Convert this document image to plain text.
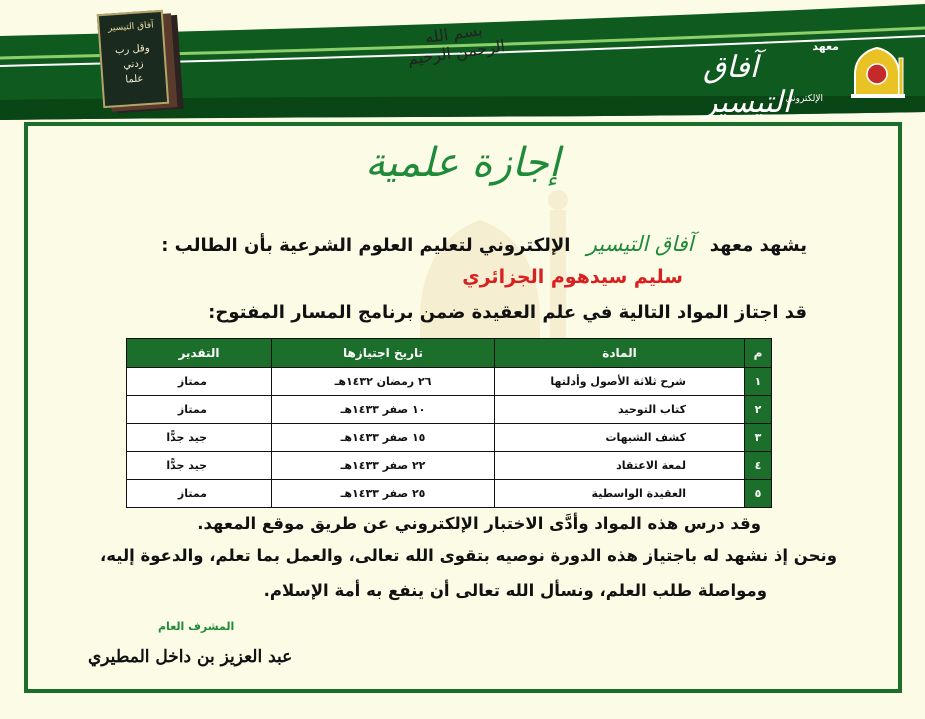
آفاق التيسير
وقل رب
زدني
علما
بسم الله الرحمن الرحيم	معهد
آفاق التيسير
الإلكتروني
إجازة علمية
يشهد معهد آفاق التيسير الإلكتروني لتعليم العلوم الشرعية بأن الطالب :
سليم سيدهوم الجزائري
قد اجتاز المواد التالية في علم العقيدة ضمن برنامج المسار المفتوح:
م	المادة	تاريخ اجتيازها	التقدير
١	شرح ثلاثة الأصول وأدلتها	٢٦ رمضان ١٤٣٢هـ	ممتاز
٢	كتاب التوحيد	١٠ صفر ١٤٣٣هـ	ممتاز
٣	كشف الشبهات	١٥ صفر ١٤٣٣هـ	جيد جدًّا
٤	لمعة الاعتقاد	٢٢ صفر ١٤٣٣هـ	جيد جدًّا
٥	العقيدة الواسطية	٢٥ صفر ١٤٣٣هـ	ممتاز
وقد درس هذه المواد وأدَّى الاختبار الإلكتروني عن طريق موقع المعهد.
ونحن إذ نشهد له باجتياز هذه الدورة نوصيه بتقوى الله تعالى، والعمل بما تعلم، والدعوة إليه،
ومواصلة طلب العلم، ونسأل الله تعالى أن ينفع به أمة الإسلام.
المشرف العام
عبد العزيز بن داخل المطيري
